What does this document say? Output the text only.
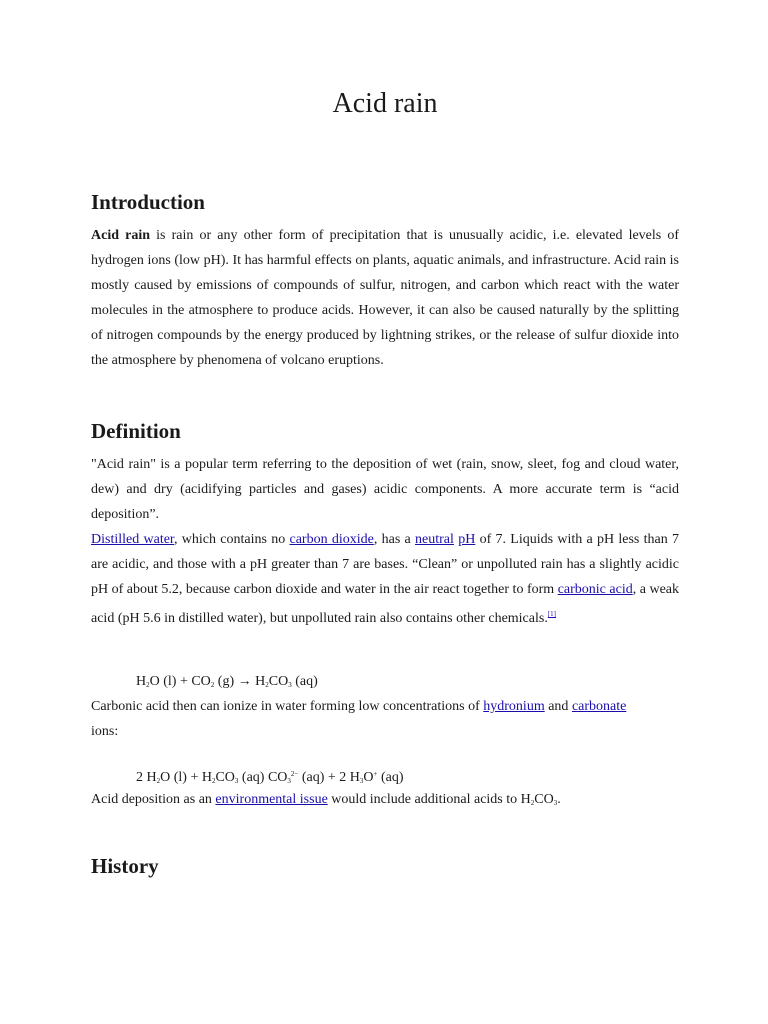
Acid rain
Introduction

Acid rain is rain or any other form of precipitation that is unusually acidic, i.e. elevated levels of hydrogen ions (low pH). It has harmful effects on plants, aquatic animals, and infrastructure. Acid rain is mostly caused by emissions of compounds of sulfur, nitrogen, and carbon which react with the water molecules in the atmosphere to produce acids. However, it can also be caused naturally by the splitting of nitrogen compounds by the energy produced by lightning strikes, or the release of sulfur dioxide into the atmosphere by phenomena of volcano eruptions.

Definition

"Acid rain" is a popular term referring to the deposition of wet (rain, snow, sleet, fog and cloud water, dew) and dry (acidifying particles and gases) acidic components. A more accurate term is “acid deposition”.

Distilled water, which contains no carbon dioxide, has a neutral pH of 7. Liquids with a pH less than 7 are acidic, and those with a pH greater than 7 are bases. “Clean” or unpolluted rain has a slightly acidic pH of about 5.2, because carbon dioxide and water in the air react together to form carbonic acid, a weak acid (pH 5.6 in distilled water), but unpolluted rain also contains other chemicals.[1]

$H_2O$ $(l) + CO_2$ $(g) \to H_2CO_3$ (aq)

Carbonic acid then can ionize in water forming low concentrations of hydronium and carbonate

ions:

2 $H_2O$ $(l) + H_2CO_3$ (aq) $CO_3^{2-}$ (aq) + 2 $H_3O^+$ (aq)

Acid deposition as an environmental issue would include additional acids to $H_2CO_3$.

History
